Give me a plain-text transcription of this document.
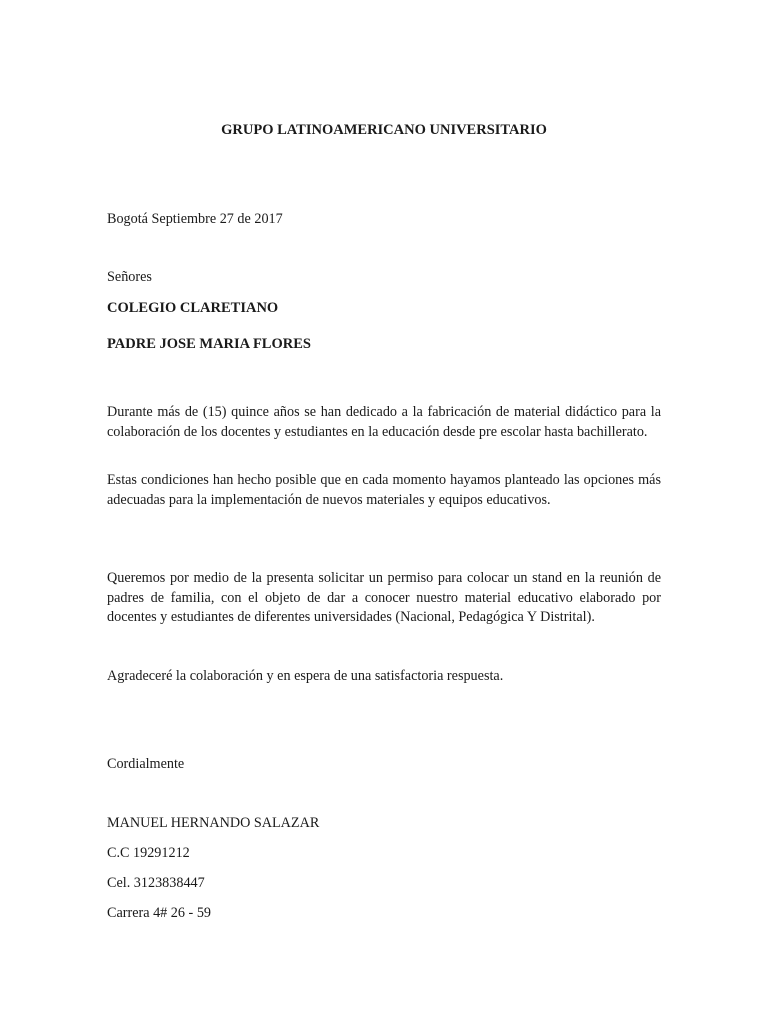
GRUPO LATINOAMERICANO UNIVERSITARIO

Bogotá Septiembre 27 de 2017

Señores

COLEGIO CLARETIANO

PADRE JOSE MARIA FLORES

Durante más de (15) quince años se han dedicado a la fabricación de material didáctico para la colaboración de los docentes y estudiantes en la educación desde pre escolar hasta bachillerato.

Estas condiciones han hecho posible que en cada momento hayamos planteado las opciones más adecuadas para la implementación de nuevos materiales y equipos educativos.

Queremos por medio de la presenta solicitar un permiso para colocar un stand en la reunión de padres de familia, con el objeto de dar a conocer nuestro material educativo elaborado por docentes y estudiantes de diferentes universidades (Nacional, Pedagógica Y Distrital).

Agradeceré la colaboración y en espera de una satisfactoria respuesta.

Cordialmente

MANUEL HERNANDO SALAZAR

C.C 19291212

Cel. 3123838447

Carrera 4# 26 - 59
